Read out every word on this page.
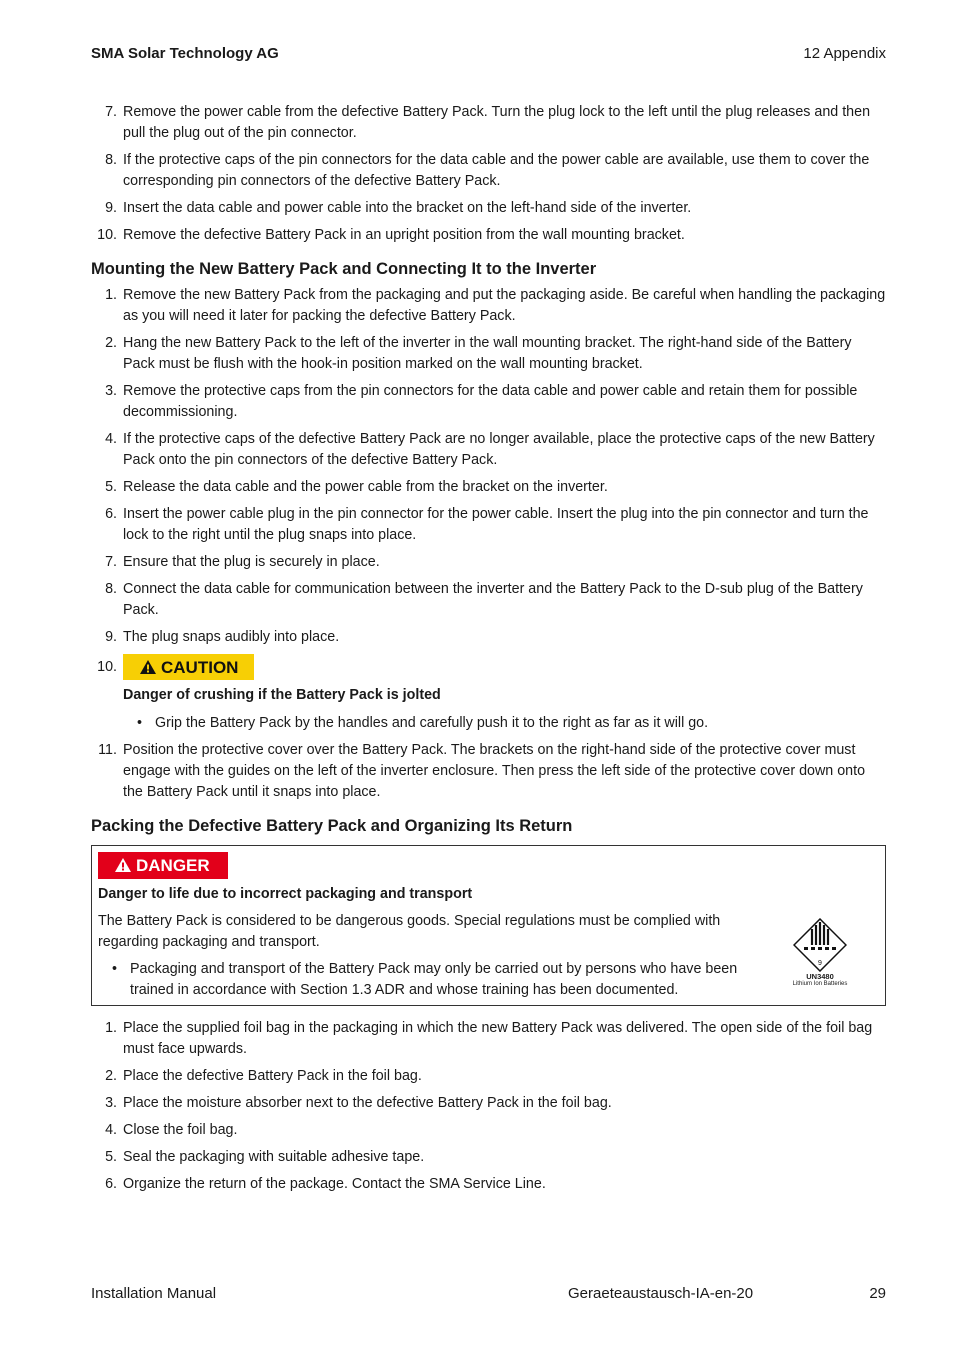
SMA Solar Technology AG	12 Appendix
7. Remove the power cable from the defective Battery Pack. Turn the plug lock to the left until the plug releases and then pull the plug out of the pin connector.
8. If the protective caps of the pin connectors for the data cable and the power cable are available, use them to cover the corresponding pin connectors of the defective Battery Pack.
9. Insert the data cable and power cable into the bracket on the left-hand side of the inverter.
10. Remove the defective Battery Pack in an upright position from the wall mounting bracket.
Mounting the New Battery Pack and Connecting It to the Inverter
1. Remove the new Battery Pack from the packaging and put the packaging aside. Be careful when handling the packaging as you will need it later for packing the defective Battery Pack.
2. Hang the new Battery Pack to the left of the inverter in the wall mounting bracket. The right-hand side of the Battery Pack must be flush with the hook-in position marked on the wall mounting bracket.
3. Remove the protective caps from the pin connectors for the data cable and power cable and retain them for possible decommissioning.
4. If the protective caps of the defective Battery Pack are no longer available, place the protective caps of the new Battery Pack onto the pin connectors of the defective Battery Pack.
5. Release the data cable and the power cable from the bracket on the inverter.
6. Insert the power cable plug in the pin connector for the power cable. Insert the plug into the pin connector and turn the lock to the right until the plug snaps into place.
7. Ensure that the plug is securely in place.
8. Connect the data cable for communication between the inverter and the Battery Pack to the D-sub plug of the Battery Pack.
9. The plug snaps audibly into place.
10.	CAUTION
Danger of crushing if the Battery Pack is jolted
• Grip the Battery Pack by the handles and carefully push it to the right as far as it will go.
11. Position the protective cover over the Battery Pack. The brackets on the right-hand side of the protective cover must engage with the guides on the left of the inverter enclosure. Then press the left side of the protective cover down onto the Battery Pack until it snaps into place.
Packing the Defective Battery Pack and Organizing Its Return
DANGER
Danger to life due to incorrect packaging and transport
The Battery Pack is considered to be dangerous goods. Special regulations must be complied with regarding packaging and transport.
• Packaging and transport of the Battery Pack may only be carried out by persons who have been trained in accordance with Section 1.3 ADR and whose training has been documented.
9
UN3480
Lithium Ion Batteries
1. Place the supplied foil bag in the packaging in which the new Battery Pack was delivered. The open side of the foil bag must face upwards.
2. Place the defective Battery Pack in the foil bag.
3. Place the moisture absorber next to the defective Battery Pack in the foil bag.
4. Close the foil bag.
5. Seal the packaging with suitable adhesive tape.
6. Organize the return of the package. Contact the SMA Service Line.
Installation Manual	Geraeteaustausch-IA-en-20	29
